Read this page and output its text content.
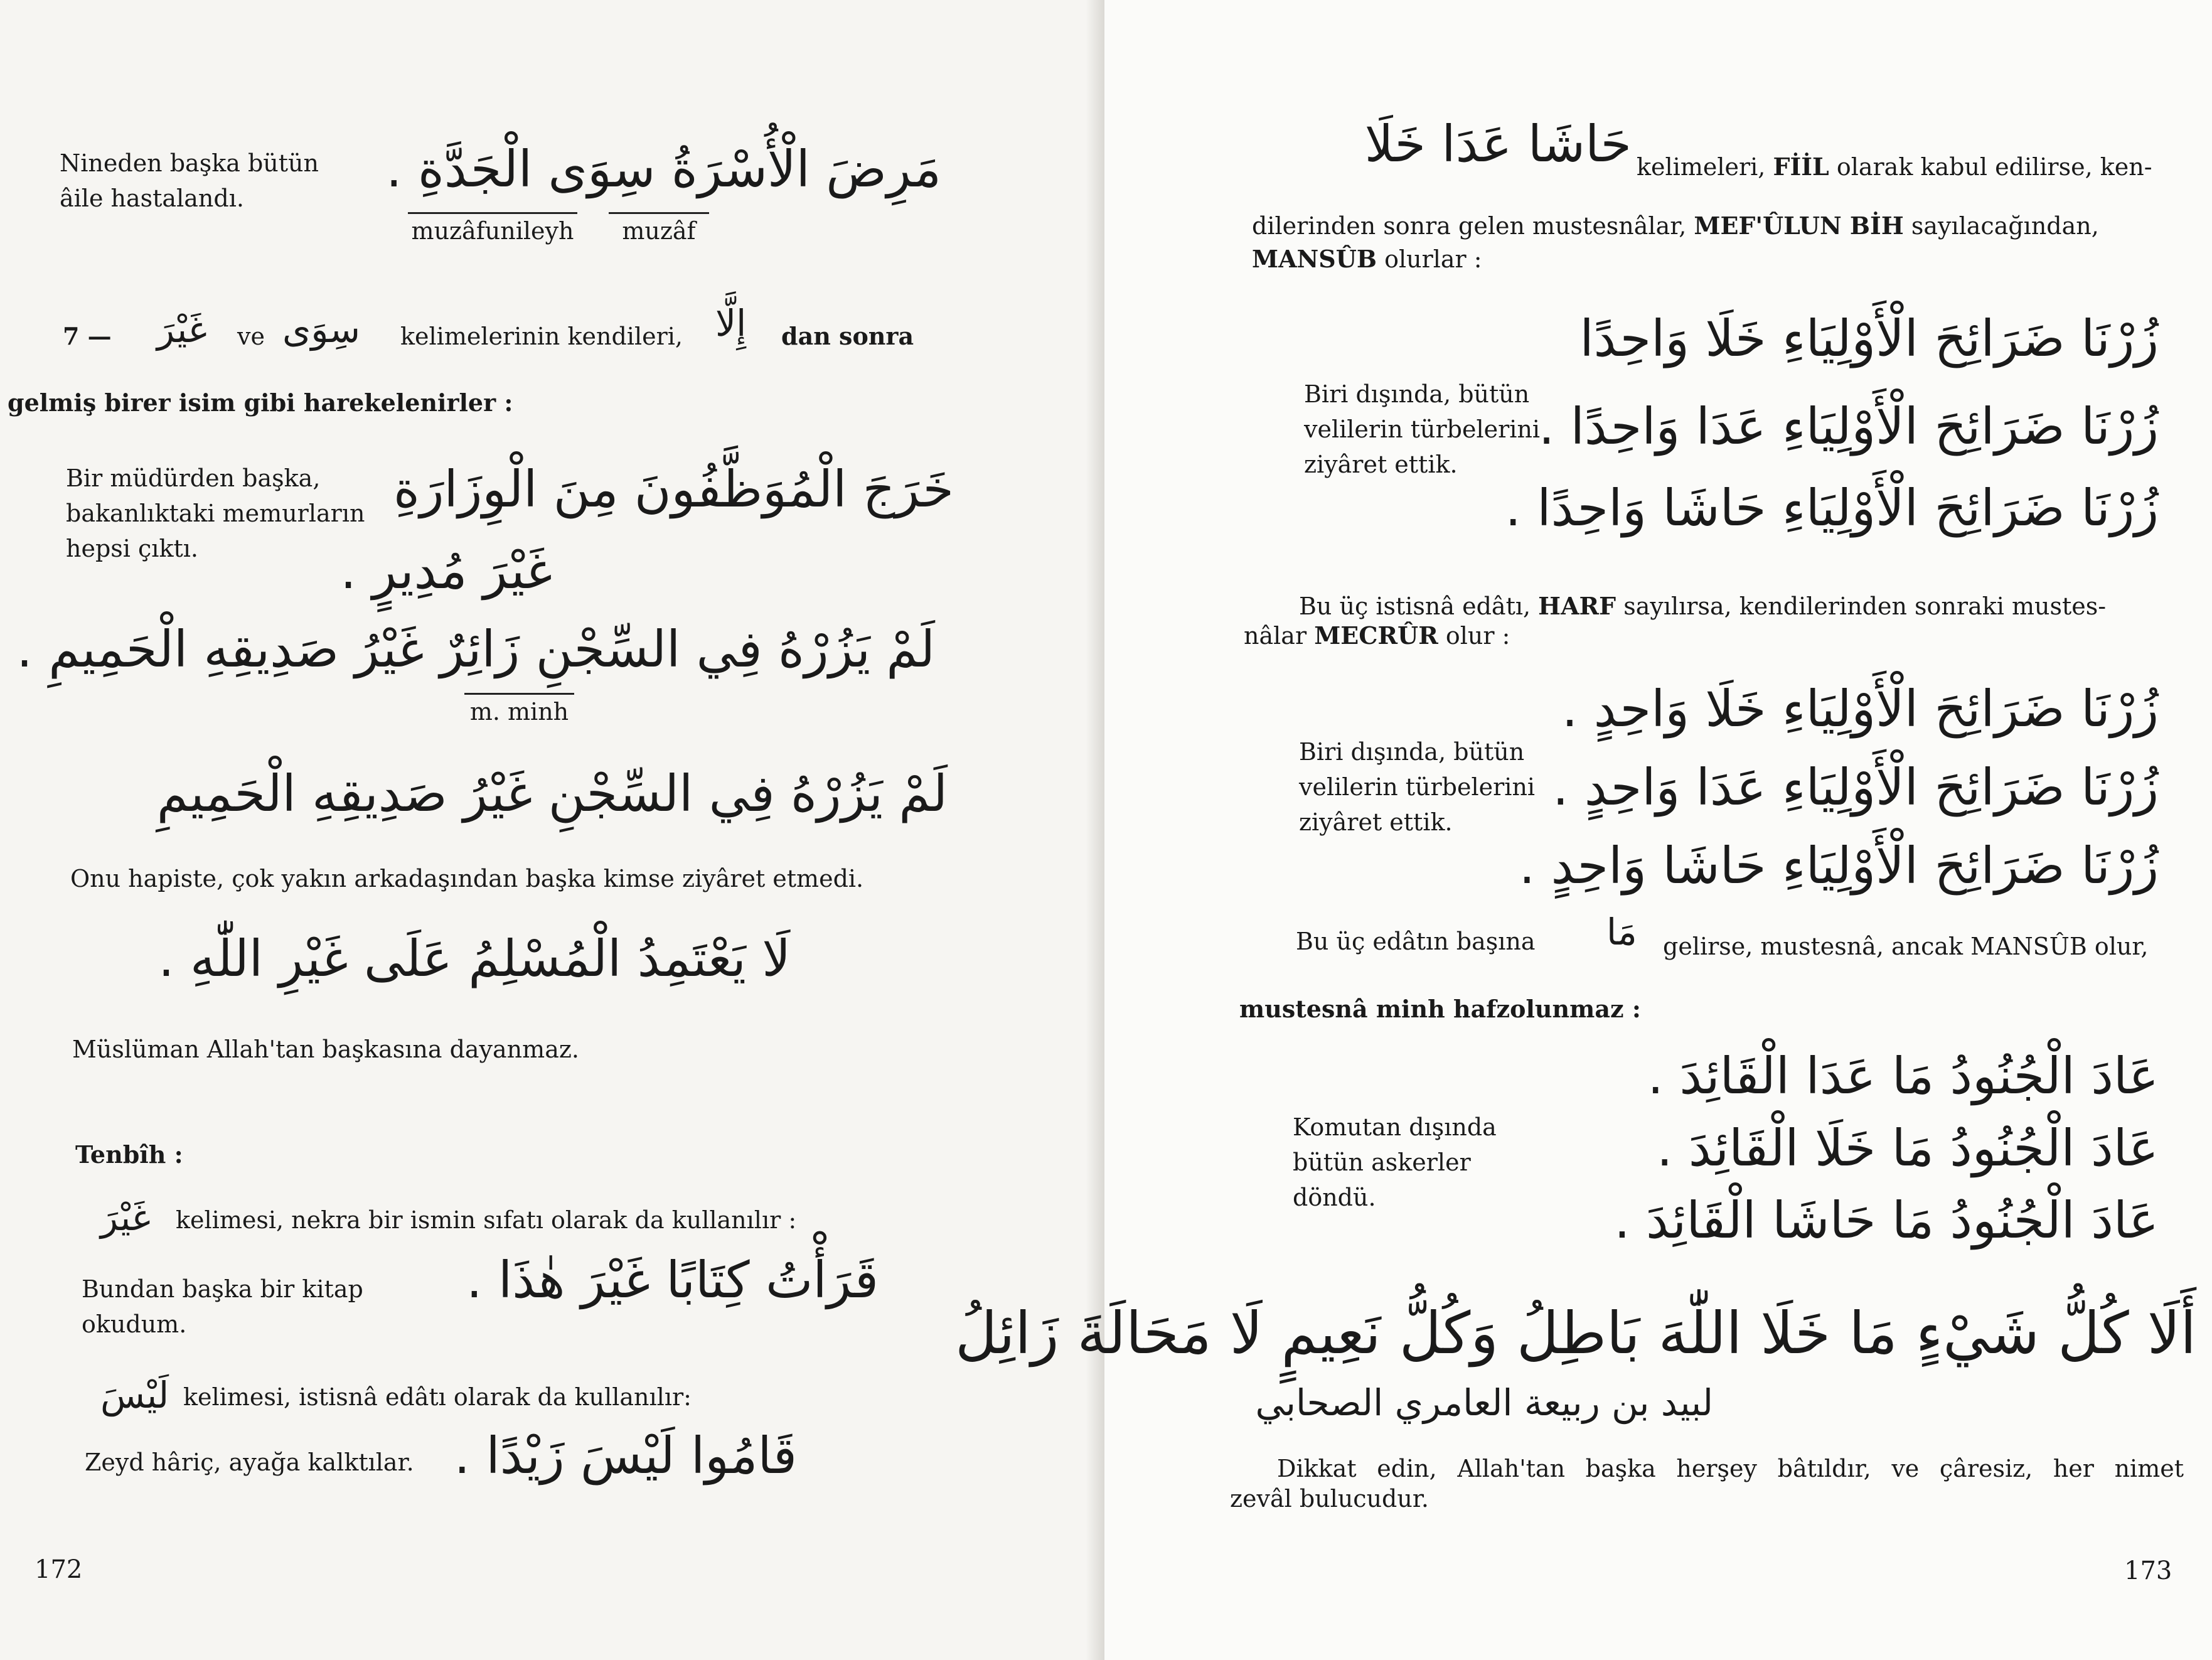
Nineden başka bütün
âile hastalandı.	مَرِضَ الْأُسْرَةُ سِوَى الْجَدَّةِ .
muzâfunileyh	muzâf
7 — غَيْرَ ve سِوَى kelimelerinin kendileri, إِلَّا dan sonra
gelmiş birer isim gibi harekelenirler :
Bir müdürden başka,
bakanlıktaki memurların
hepsi çıktı.
خَرَجَ الْمُوَظَّفُونَ مِنَ الْوِزَارَةِ
غَيْرَ مُدِيرٍ .
لَمْ يَزُرْهُ فِي السِّجْنِ زَائِرٌ غَيْرُ صَدِيقِهِ الْحَمِيمِ .
m. minh
لَمْ يَزُرْهُ فِي السِّجْنِ غَيْرُ صَدِيقِهِ الْحَمِيمِ
Onu hapiste, çok yakın arkadaşından başka kimse ziyâret etmedi.
لَا يَعْتَمِدُ الْمُسْلِمُ عَلَى غَيْرِ اللّٰهِ .
Müslüman Allah'tan başkasına dayanmaz.
Tenbîh :
غَيْرَ kelimesi, nekra bir ismin sıfatı olarak da kullanılır :
Bundan başka bir kitap
okudum.
قَرَأْتُ كِتَابًا غَيْرَ هٰذَا .
لَيْسَ kelimesi, istisnâ edâtı olarak da kullanılır:
Zeyd hâriç, ayağa kalktılar. قَامُوا لَيْسَ زَيْدًا .
172
حَاشَا عَدَا خَلَا kelimeleri, FİİL olarak kabul edilirse, ken-
dilerinden sonra gelen mustesnâlar, MEF'ÛLUN BİH sayılacağından,
MANSÛB olurlar :
Biri dışında, bütün
velilerin türbelerini
ziyâret ettik.
زُرْنَا ضَرَائِحَ الْأَوْلِيَاءِ خَلَا وَاحِدًا
زُرْنَا ضَرَائِحَ الْأَوْلِيَاءِ عَدَا وَاحِدًا .
زُرْنَا ضَرَائِحَ الْأَوْلِيَاءِ حَاشَا وَاحِدًا .
Bu üç istisnâ edâtı, HARF sayılırsa, kendilerinden sonraki mustes-
nâlar MECRÛR olur :
Biri dışında, bütün
velilerin türbelerini
ziyâret ettik.
زُرْنَا ضَرَائِحَ الْأَوْلِيَاءِ خَلَا وَاحِدٍ .
زُرْنَا ضَرَائِحَ الْأَوْلِيَاءِ عَدَا وَاحِدٍ .
زُرْنَا ضَرَائِحَ الْأَوْلِيَاءِ حَاشَا وَاحِدٍ .
Bu üç edâtın başına مَا gelirse, mustesnâ, ancak MANSÛB olur,
mustesnâ minh hafzolunmaz :
Komutan dışında
bütün askerler
döndü.
عَادَ الْجُنُودُ مَا عَدَا الْقَائِدَ .
عَادَ الْجُنُودُ مَا خَلَا الْقَائِدَ .
عَادَ الْجُنُودُ مَا حَاشَا الْقَائِدَ .
أَلَا كُلُّ شَيْءٍ مَا خَلَا اللّٰهَ بَاطِلُ وَكُلُّ نَعِيمٍ لَا مَحَالَةَ زَائِلُ
لبيد بن ربيعة العامري الصحابي
Dikkat edin, Allah'tan başka herşey bâtıldır, ve çâresiz, her nimet
zevâl bulucudur.
173
